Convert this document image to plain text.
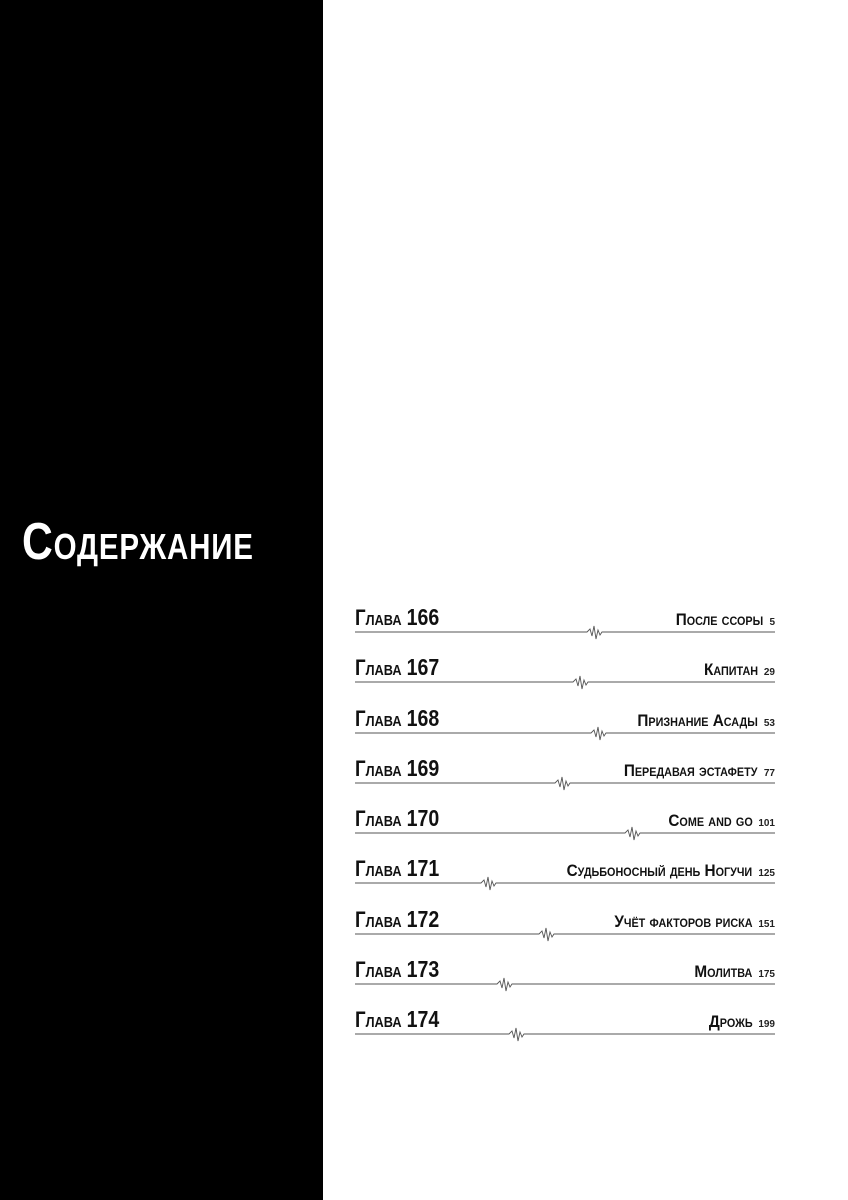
Содержание
Глава 166	После ссоры 5
Глава 167	Капитан 29
Глава 168	Признание Асады 53
Глава 169	Передавая эстафету 77
Глава 170	Come and go 101
Глава 171	Судьбоносный день Ногучи 125
Глава 172	Учёт факторов риска 151
Глава 173	Молитва 175
Глава 174	Дрожь 199
